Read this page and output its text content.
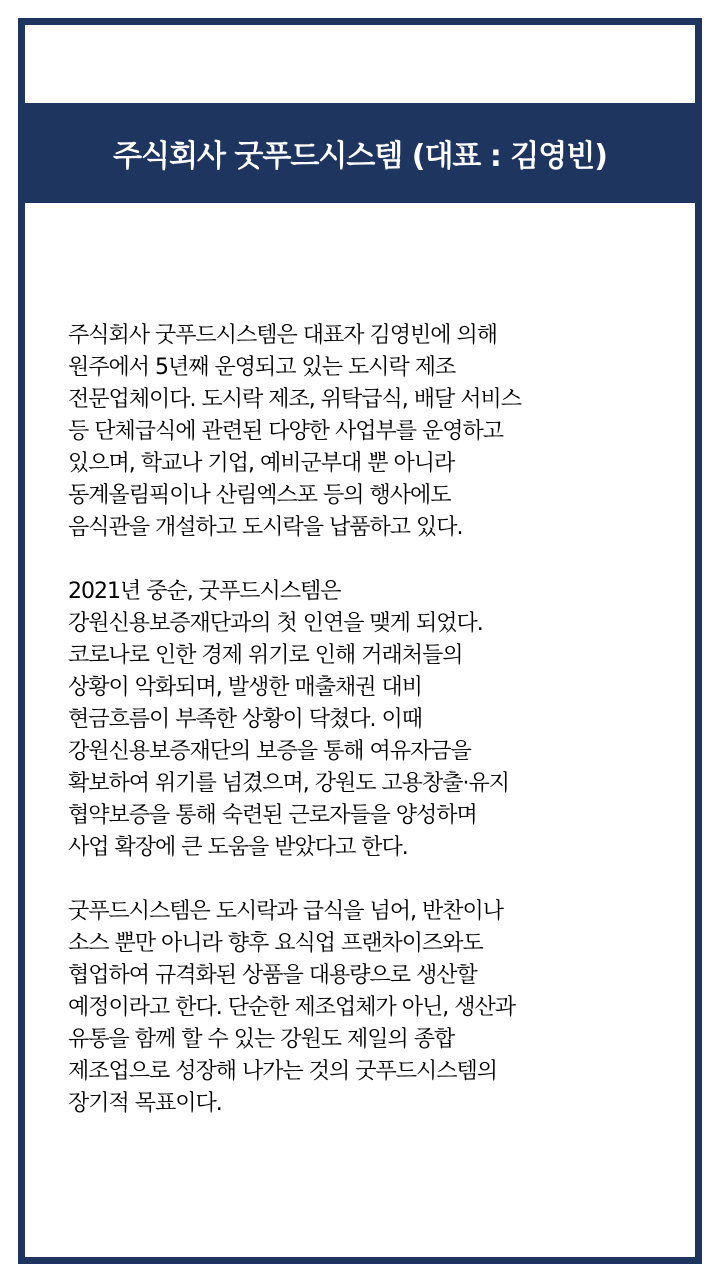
주식회사 굿푸드시스템 (대표 : 김영빈)

주식회사 굿푸드시스템은 대표자 김영빈에 의해
원주에서 5년째 운영되고 있는 도시락 제조
전문업체이다. 도시락 제조, 위탁급식, 배달 서비스
등 단체급식에 관련된 다양한 사업부를 운영하고
있으며, 학교나 기업, 예비군부대 뿐 아니라
동계올림픽이나 산림엑스포 등의 행사에도
음식관을 개설하고 도시락을 납품하고 있다.

2021년 중순, 굿푸드시스템은
강원신용보증재단과의 첫 인연을 맺게 되었다.
코로나로 인한 경제 위기로 인해 거래처들의
상황이 악화되며, 발생한 매출채권 대비
현금흐름이 부족한 상황이 닥쳤다. 이때
강원신용보증재단의 보증을 통해 여유자금을
확보하여 위기를 넘겼으며, 강원도 고용창출·유지
협약보증을 통해 숙련된 근로자들을 양성하며
사업 확장에 큰 도움을 받았다고 한다.

굿푸드시스템은 도시락과 급식을 넘어, 반찬이나
소스 뿐만 아니라 향후 요식업 프랜차이즈와도
협업하여 규격화된 상품을 대용량으로 생산할
예정이라고 한다. 단순한 제조업체가 아닌, 생산과
유통을 함께 할 수 있는 강원도 제일의 종합
제조업으로 성장해 나가는 것의 굿푸드시스템의
장기적 목표이다.
